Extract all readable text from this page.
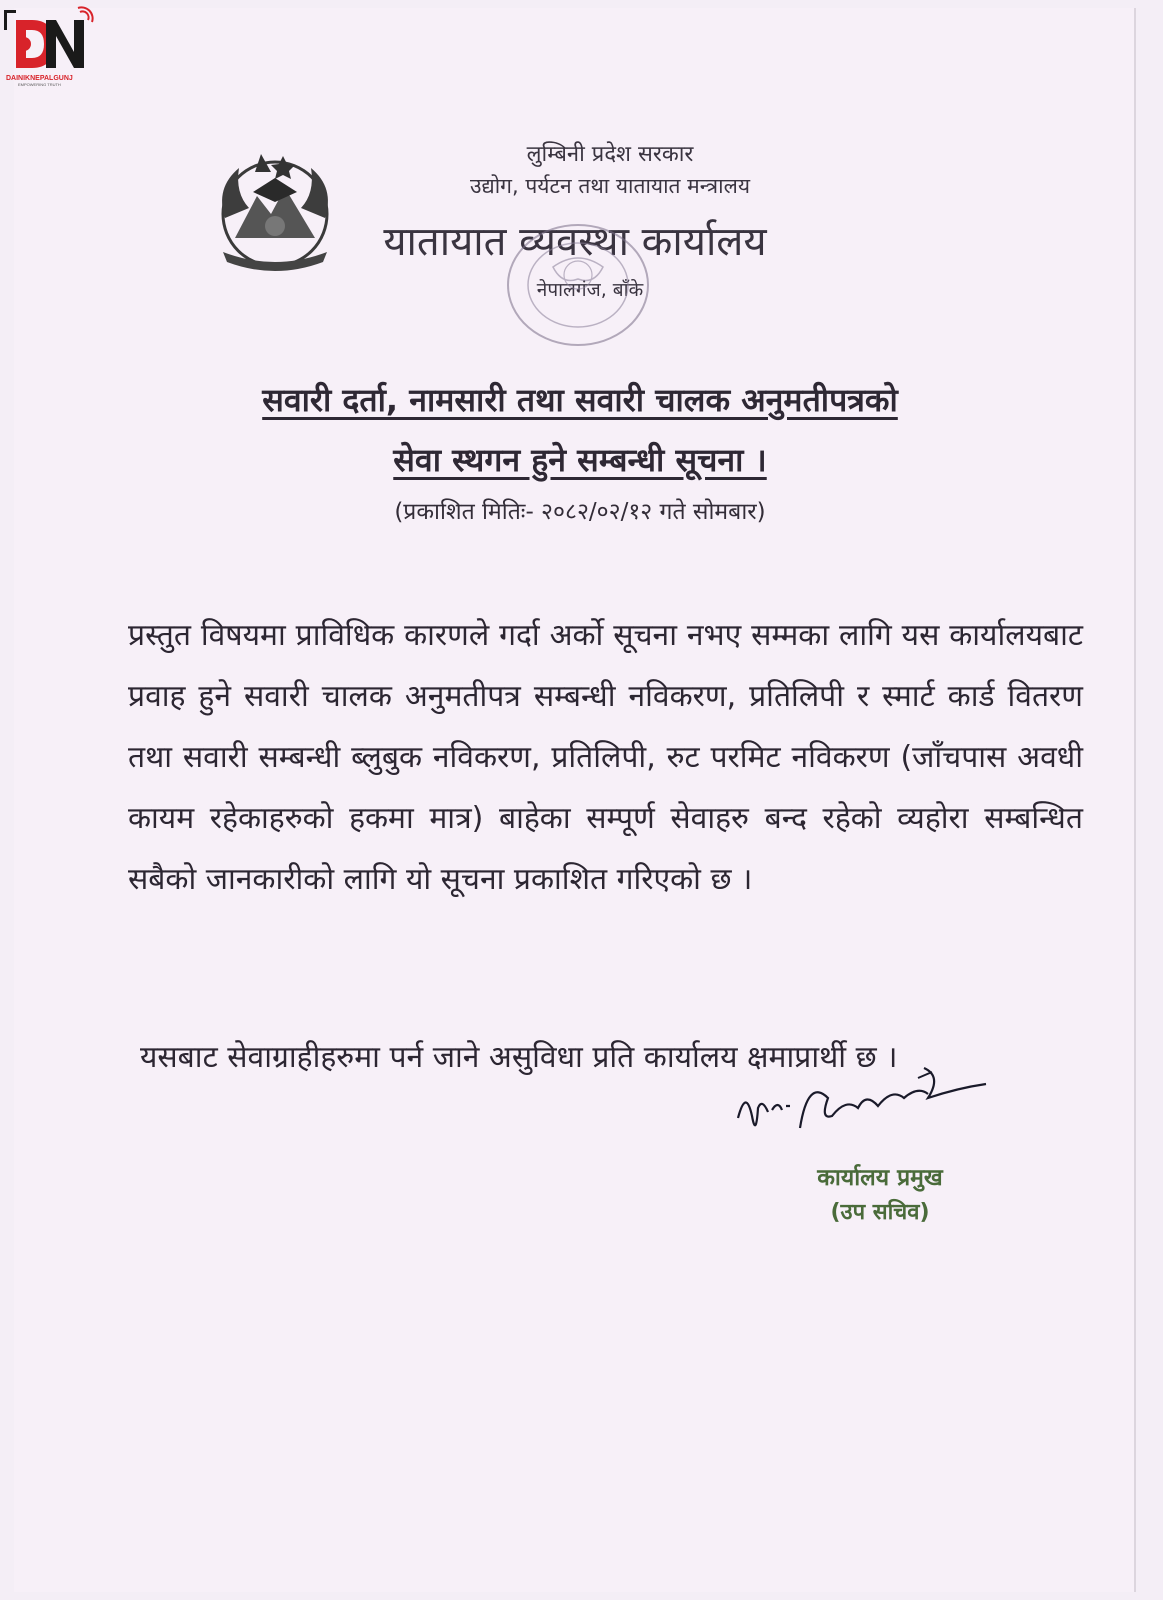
DAINIKNEPALGUNJ
EMPOWERING TRUTH
लुम्बिनी प्रदेश सरकार
उद्योग, पर्यटन तथा यातायात मन्त्रालय
यातायात व्यवस्था कार्यालय
नेपालगंज, बाँके
सवारी दर्ता, नामसारी तथा सवारी चालक अनुमतीपत्रको
सेवा स्थगन हुने सम्बन्धी सूचना ।
(प्रकाशित मितिः- २०८२/०२/१२ गते सोमबार)
प्रस्तुत विषयमा प्राविधिक कारणले गर्दा अर्को सूचना नभए सम्मका लागि यस कार्यालयबाट प्रवाह हुने सवारी चालक अनुमतीपत्र सम्बन्धी नविकरण, प्रतिलिपी र स्मार्ट कार्ड वितरण तथा सवारी सम्बन्धी ब्लुबुक नविकरण, प्रतिलिपी, रुट परमिट नविकरण (जाँचपास अवधी कायम रहेकाहरुको हकमा मात्र) बाहेका सम्पूर्ण सेवाहरु बन्द रहेको व्यहोरा सम्बन्धित सबैको जानकारीको लागि यो सूचना प्रकाशित गरिएको छ ।
यसबाट सेवाग्राहीहरुमा पर्न जाने असुविधा प्रति कार्यालय क्षमाप्रार्थी छ ।
कार्यालय प्रमुख
(उप सचिव)
